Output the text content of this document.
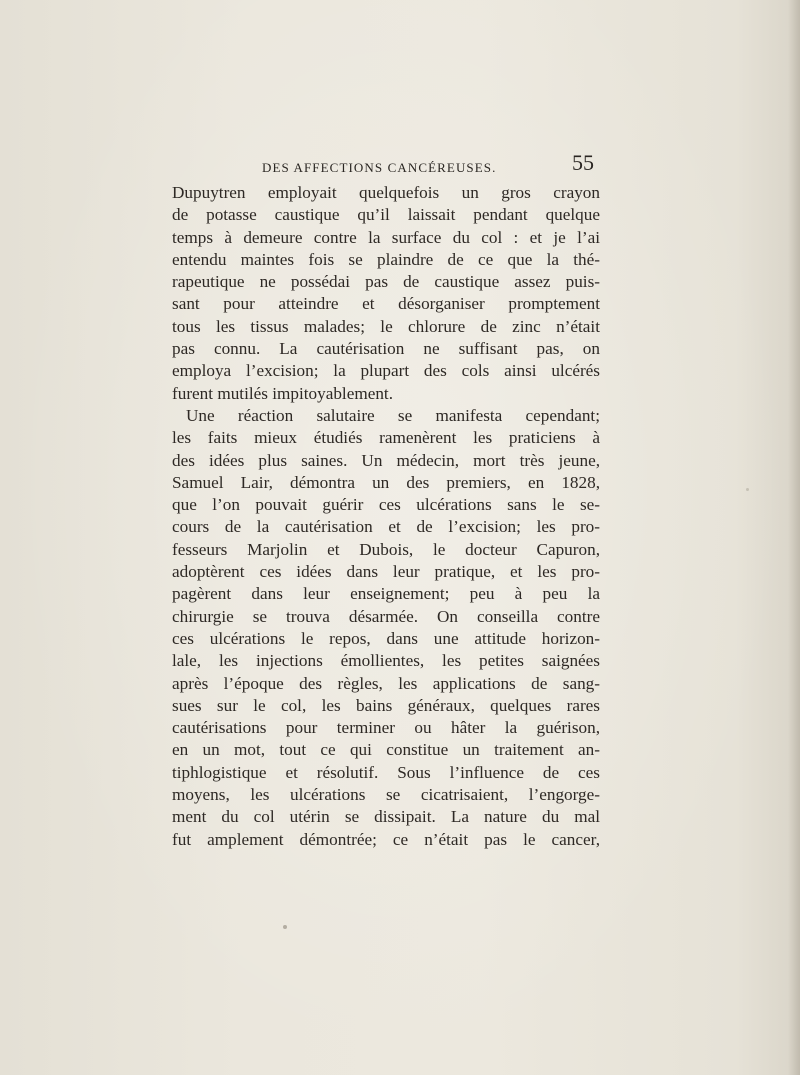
DES AFFECTIONS CANCÉREUSES.	55
Dupuytren employait quelquefois un gros crayon
de potasse caustique qu’il laissait pendant quelque
temps à demeure contre la surface du col : et je l’ai
entendu maintes fois se plaindre de ce que la thé-
rapeutique ne possédai pas de caustique assez puis-
sant pour atteindre et désorganiser promptement
tous les tissus malades; le chlorure de zinc n’était
pas connu. La cautérisation ne suffisant pas, on
employa l’excision; la plupart des cols ainsi ulcérés
furent mutilés impitoyablement.
Une réaction salutaire se manifesta cependant;
les faits mieux étudiés ramenèrent les praticiens à
des idées plus saines. Un médecin, mort très jeune,
Samuel Lair, démontra un des premiers, en 1828,
que l’on pouvait guérir ces ulcérations sans le se-
cours de la cautérisation et de l’excision; les pro-
fesseurs Marjolin et Dubois, le docteur Capuron,
adoptèrent ces idées dans leur pratique, et les pro-
pagèrent dans leur enseignement; peu à peu la
chirurgie se trouva désarmée. On conseilla contre
ces ulcérations le repos, dans une attitude horizon-
lale, les injections émollientes, les petites saignées
après l’époque des règles, les applications de sang-
sues sur le col, les bains généraux, quelques rares
cautérisations pour terminer ou hâter la guérison,
en un mot, tout ce qui constitue un traitement an-
tiphlogistique et résolutif. Sous l’influence de ces
moyens, les ulcérations se cicatrisaient, l’engorge-
ment du col utérin se dissipait. La nature du mal
fut amplement démontrée; ce n’était pas le cancer,
